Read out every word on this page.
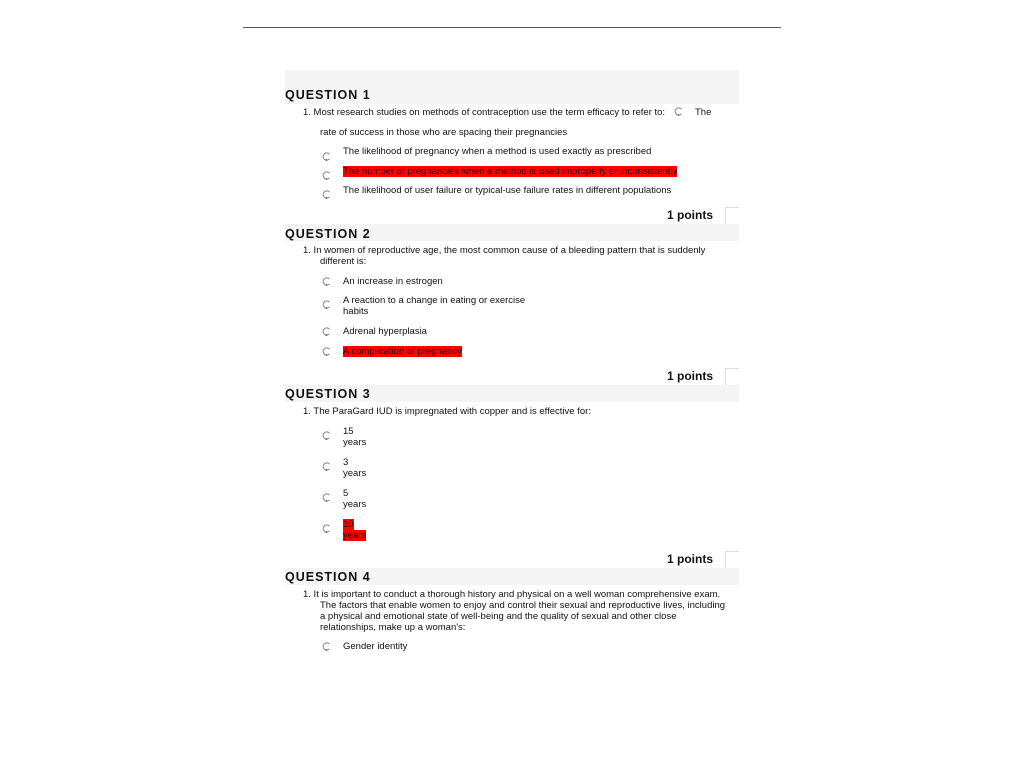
QUESTION 1
1. Most research studies on methods of contraception use the term efficacy to refer to:	The
rate of success in those who are spacing their pregnancies
The likelihood of pregnancy when a method is used exactly as prescribed
The number of pregnancies when a method is used improperly or inconsistently
The likelihood of user failure or typical-use failure rates in different populations
1 points
QUESTION 2
1. In women of reproductive age, the most common cause of a bleeding pattern that is suddenly
different is:
An increase in estrogen
A reaction to a change in eating or exercise
habits
Adrenal hyperplasia
A complication of pregnancy
1 points
QUESTION 3
1. The ParaGard IUD is impregnated with copper and is effective for:
15
years
3
years
5
years
10
years
1 points
QUESTION 4
1. It is important to conduct a thorough history and physical on a well woman comprehensive exam.
The factors that enable women to enjoy and control their sexual and reproductive lives, including
a physical and emotional state of well-being and the quality of sexual and other close
relationships, make up a woman's:
Gender identity
